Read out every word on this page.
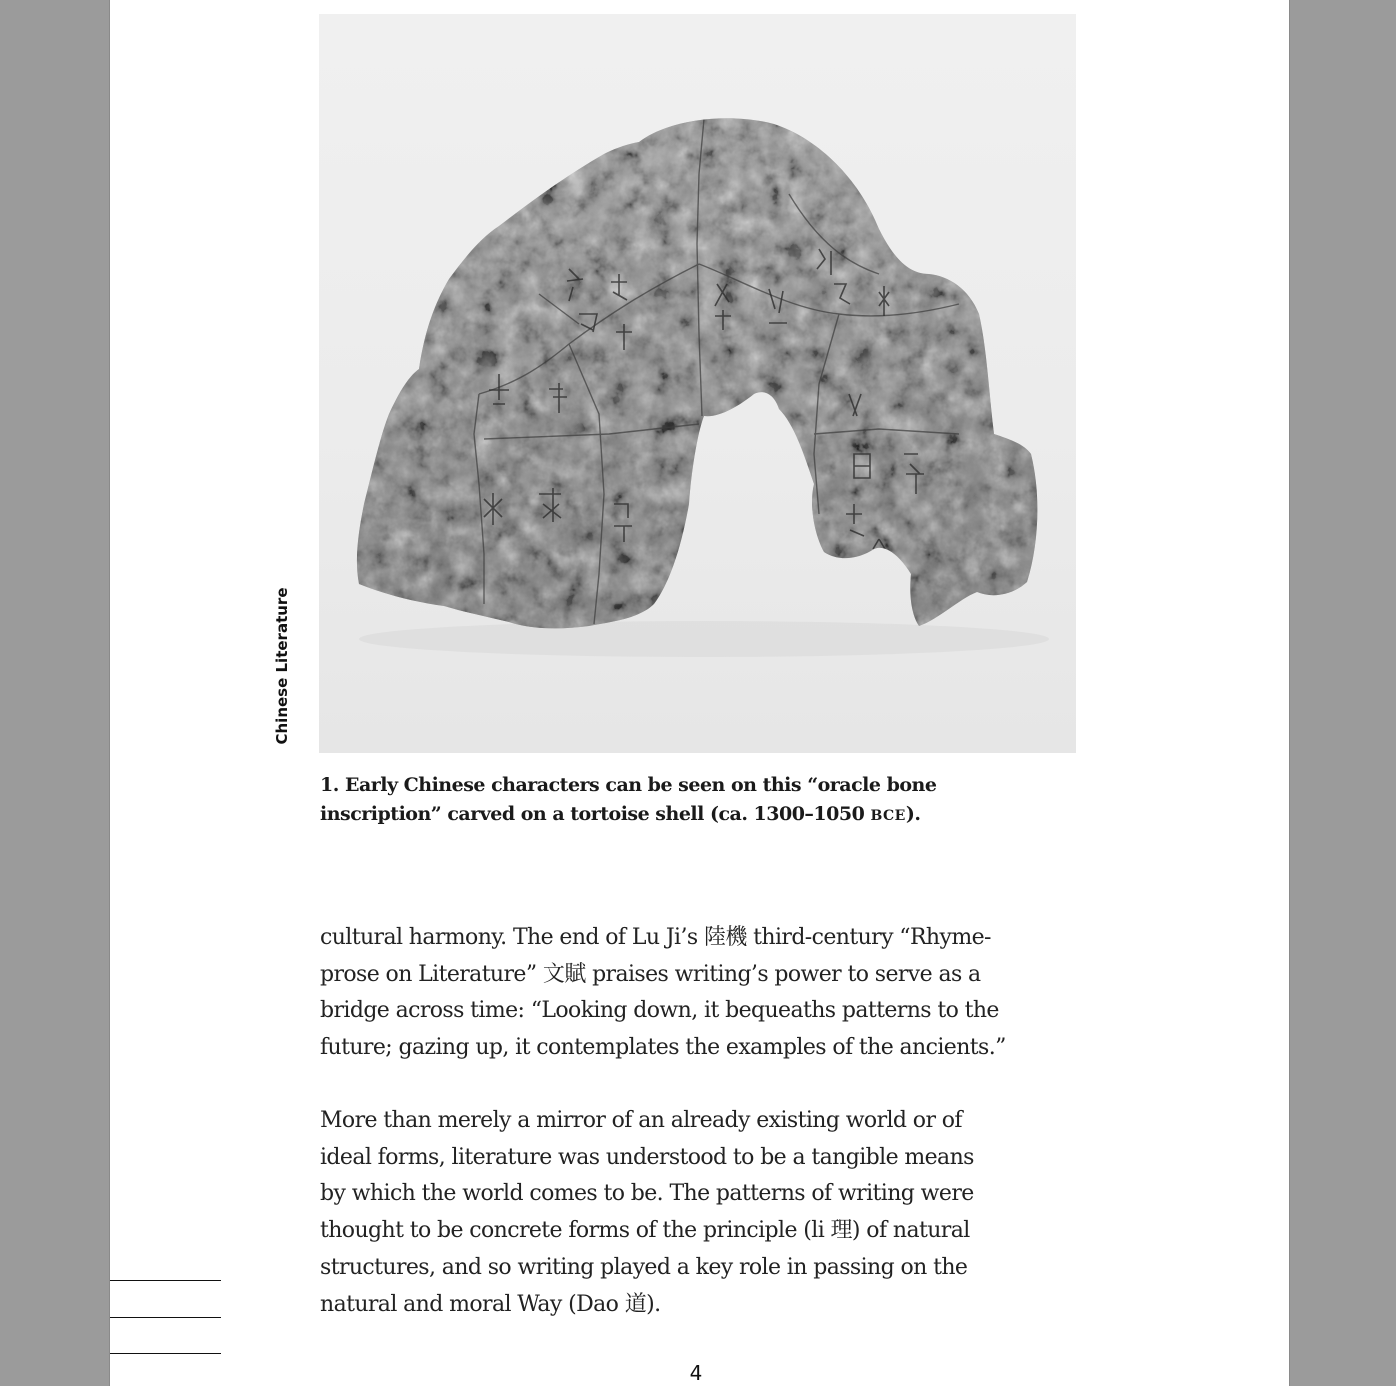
Chinese Literature
1. Early Chinese characters can be seen on this “oracle bone inscription” carved on a tortoise shell (ca. 1300–1050 BCE).
cultural harmony. The end of Lu Ji’s 陸機 third-century “Rhyme-
prose on Literature” 文賦 praises writing’s power to serve as a
bridge across time: “Looking down, it bequeaths patterns to the
future; gazing up, it contemplates the examples of the ancients.”
More than merely a mirror of an already existing world or of
ideal forms, literature was understood to be a tangible means
by which the world comes to be. The patterns of writing were
thought to be concrete forms of the principle (li 理) of natural
structures, and so writing played a key role in passing on the
natural and moral Way (Dao 道).
4
